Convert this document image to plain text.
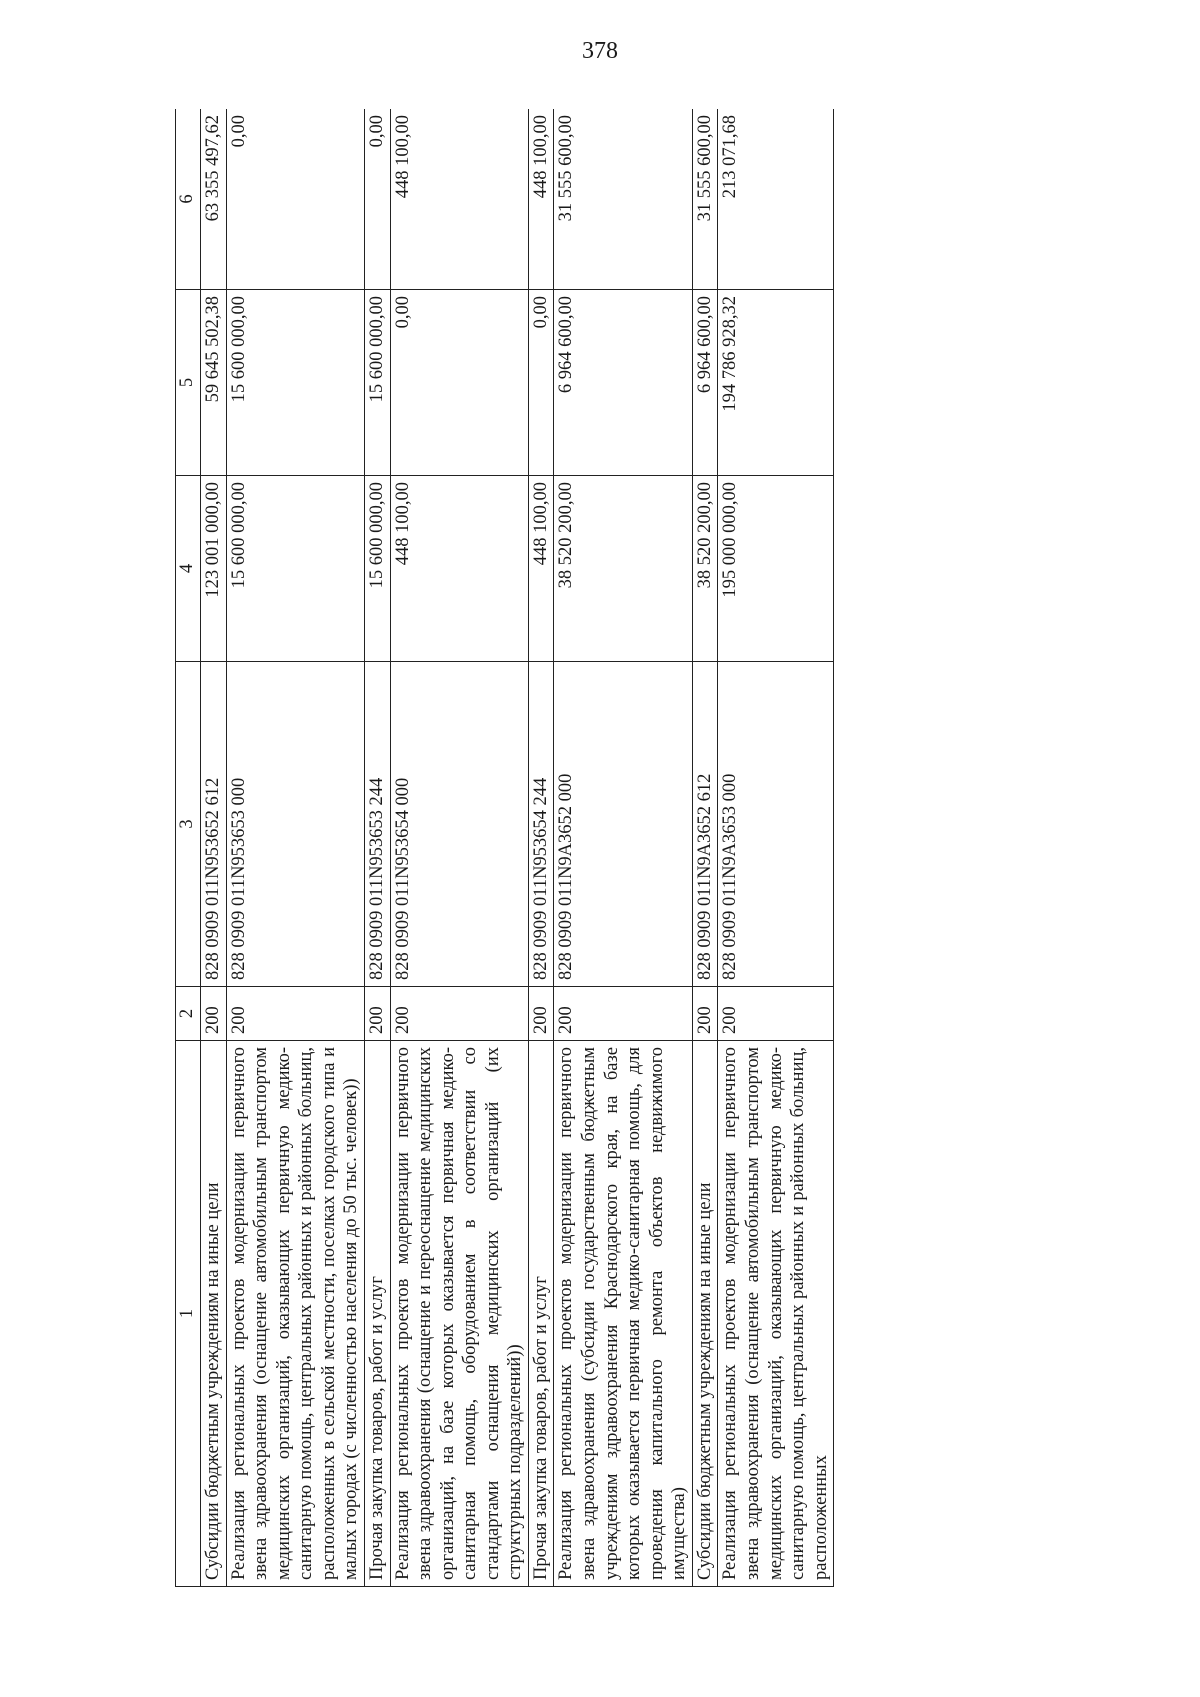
378
1	2	3	4	5	6
Субсидии бюджетным учреждениям на иные цели	200	828 0909 011N953652 612	123 001 000,00	59 645 502,38	63 355 497,62
Реализация региональных проектов модернизации первичного звена здравоохранения (оснащение автомобильным транспортом медицинских организаций, оказывающих первичную медико-санитарную помощь, центральных районных и районных больниц, расположенных в сельской местности, поселках городского типа и малых городах (с численностью населения до 50 тыс. человек))	200	828 0909 011N953653 000	15 600 000,00	15 600 000,00	0,00
Прочая закупка товаров, работ и услуг	200	828 0909 011N953653 244	15 600 000,00	15 600 000,00	0,00
Реализация региональных проектов модернизации первичного звена здравоохранения (оснащение и переоснащение медицинских организаций, на базе которых оказывается первичная медико-санитарная помощь, оборудованием в соответствии со стандартами оснащения медицинских организаций (их структурных подразделений))	200	828 0909 011N953654 000	448 100,00	0,00	448 100,00
Прочая закупка товаров, работ и услуг	200	828 0909 011N953654 244	448 100,00	0,00	448 100,00
Реализация региональных проектов модернизации первичного звена здравоохранения (субсидии государственным бюджетным учреждениям здравоохранения Краснодарского края, на базе которых оказывается первичная медико-санитарная помощь, для проведения капитального ремонта объектов недвижимого имущества)	200	828 0909 011N9A3652 000	38 520 200,00	6 964 600,00	31 555 600,00
Субсидии бюджетным учреждениям на иные цели	200	828 0909 011N9A3652 612	38 520 200,00	6 964 600,00	31 555 600,00
Реализация региональных проектов модернизации первичного звена здравоохранения (оснащение автомобильным транспортом медицинских организаций, оказывающих первичную медико-санитарную помощь, центральных районных и районных больниц, расположенных	200	828 0909 011N9A3653 000	195 000 000,00	194 786 928,32	213 071,68
